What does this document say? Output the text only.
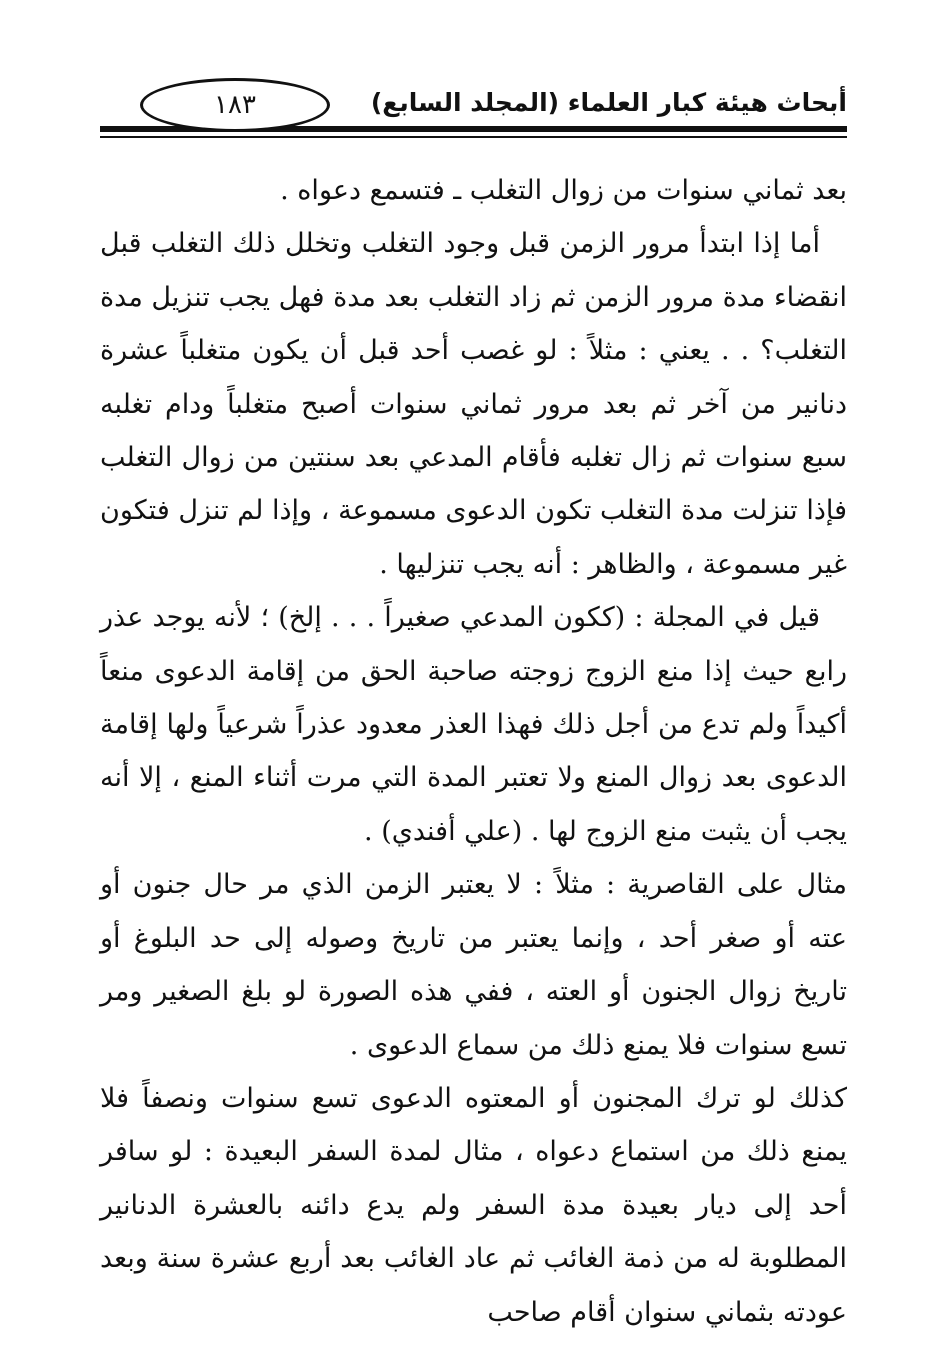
أبحاث هيئة كبار العلماء (المجلد السابع)
١٨٣

بعد ثماني سنوات من زوال التغلب ـ فتسمع دعواه .

أما إذا ابتدأ مرور الزمن قبل وجود التغلب وتخلل ذلك التغلب قبل انقضاء مدة مرور الزمن ثم زاد التغلب بعد مدة فهل يجب تنزيل مدة التغلب؟ . . يعني : مثلاً : لو غصب أحد قبل أن يكون متغلباً عشرة دنانير من آخر ثم بعد مرور ثماني سنوات أصبح متغلباً ودام تغلبه سبع سنوات ثم زال تغلبه فأقام المدعي بعد سنتين من زوال التغلب فإذا تنزلت مدة التغلب تكون الدعوى مسموعة ، وإذا لم تنزل فتكون غير مسموعة ، والظاهر : أنه يجب تنزليها .

قيل في المجلة : (ككون المدعي صغيراً . . . إلخ) ؛ لأنه يوجد عذر رابع حيث إذا منع الزوج زوجته صاحبة الحق من إقامة الدعوى منعاً أكيداً ولم تدع من أجل ذلك فهذا العذر معدود عذراً شرعياً ولها إقامة الدعوى بعد زوال المنع ولا تعتبر المدة التي مرت أثناء المنع ، إلا أنه يجب أن يثبت منع الزوج لها . (علي أفندي) .

مثال على القاصرية : مثلاً : لا يعتبر الزمن الذي مر حال جنون أو عته أو صغر أحد ، وإنما يعتبر من تاريخ وصوله إلى حد البلوغ أو تاريخ زوال الجنون أو العته ، ففي هذه الصورة لو بلغ الصغير ومر تسع سنوات فلا يمنع ذلك من سماع الدعوى .

كذلك لو ترك المجنون أو المعتوه الدعوى تسع سنوات ونصفاً فلا يمنع ذلك من استماع دعواه ، مثال لمدة السفر البعيدة : لو سافر أحد إلى ديار بعيدة مدة السفر ولم يدع دائنه بالعشرة الدنانير المطلوبة له من ذمة الغائب ثم عاد الغائب بعد أربع عشرة سنة وبعد عودته بثماني سنوان أقام صاحب
